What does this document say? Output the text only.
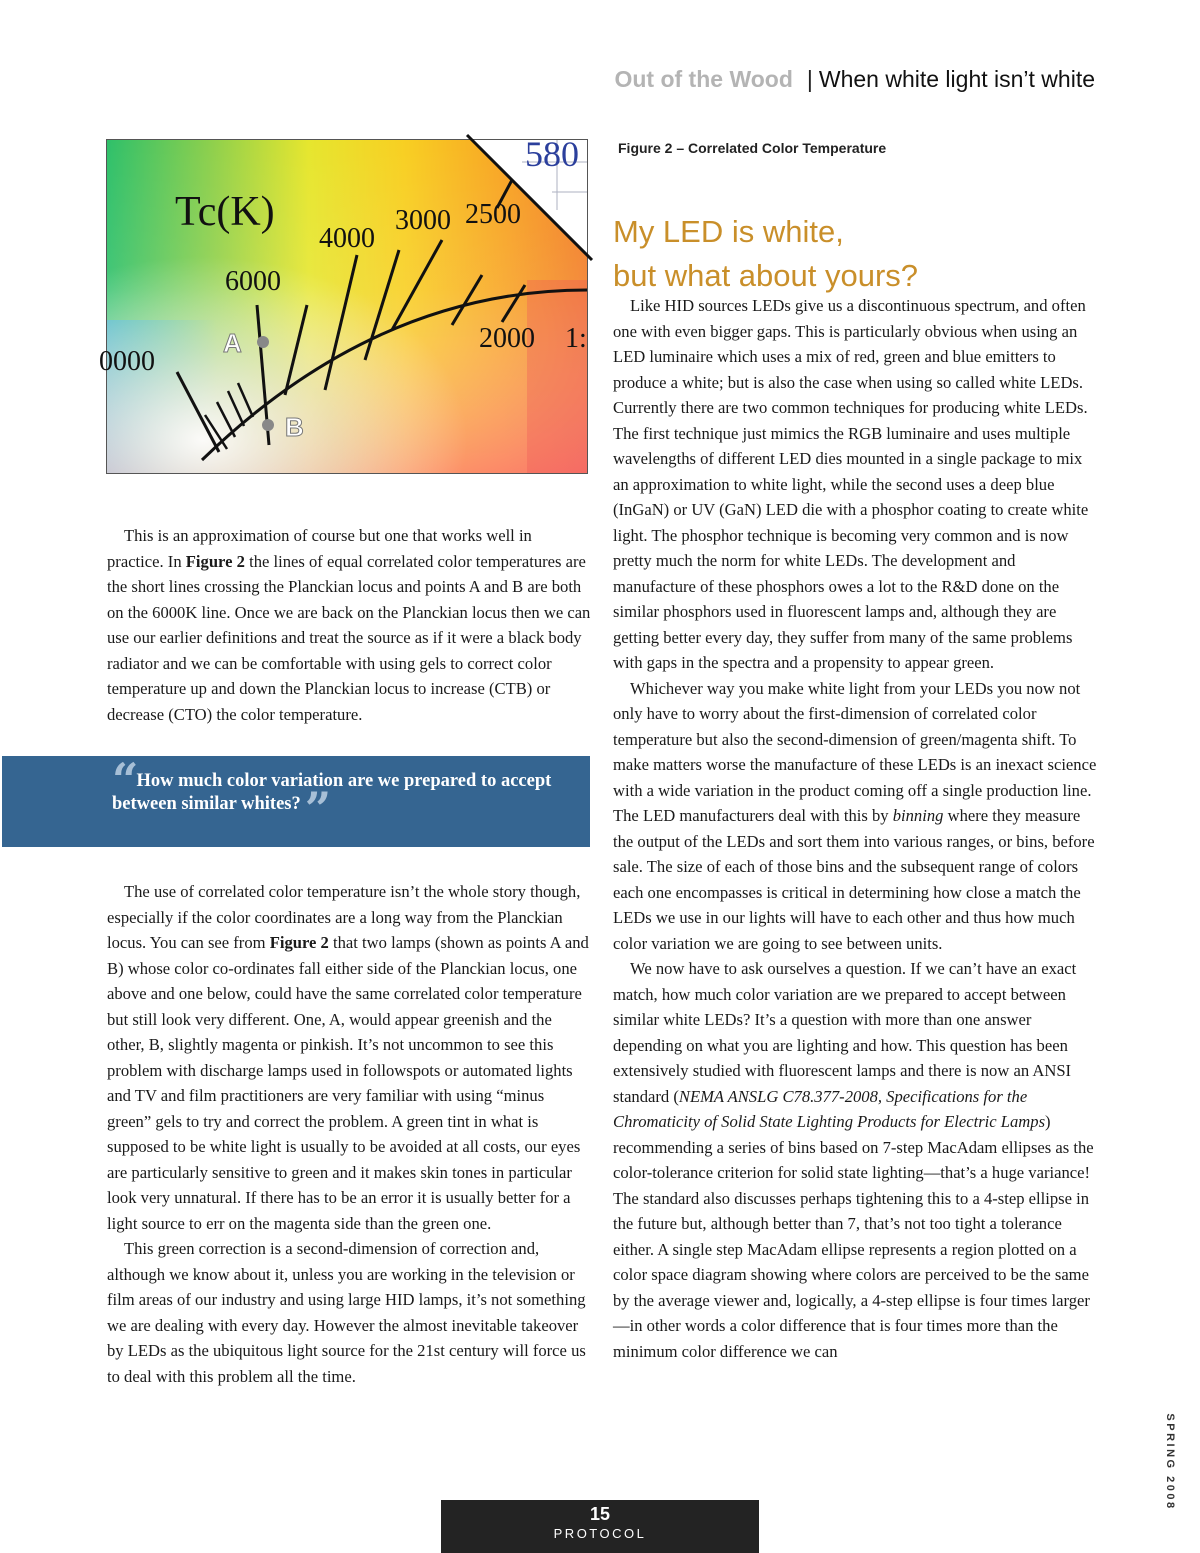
Out of the Wood | When white light isn’t white
Tc(K)
580
4000
3000 2500
6000
2000 1:
0000
A
B
Figure 2 – Correlated Color Temperature
My LED is white,
but what about yours?

This is an approximation of course but one that works well in practice. In Figure 2 the lines of equal correlated color temperatures are the short lines crossing the Planckian locus and points A and B are both on the 6000K line. Once we are back on the Planckian locus then we can use our earlier definitions and treat the source as if it were a black body radiator and we can be comfortable with using gels to correct color temperature up and down the Planckian locus to increase (CTB) or decrease (CTO) the color temperature.

“ How much color variation are we prepared to accept between similar whites?”

The use of correlated color temperature isn’t the whole story though, especially if the color coordinates are a long way from the Planckian locus. You can see from Figure 2 that two lamps (shown as points A and B) whose color co-ordinates fall either side of the Planckian locus, one above and one below, could have the same correlated color temperature but still look very different. One, A, would appear greenish and the other, B, slightly magenta or pinkish. It’s not uncommon to see this problem with discharge lamps used in followspots or automated lights and TV and film practitioners are very familiar with using “minus green” gels to try and correct the problem. A green tint in what is supposed to be white light is usually to be avoided at all costs, our eyes are particularly sensitive to green and it makes skin tones in particular look very unnatural. If there has to be an error it is usually better for a light source to err on the magenta side than the green one.

This green correction is a second-dimension of correction and, although we know about it, unless you are working in the television or film areas of our industry and using large HID lamps, it’s not something we are dealing with every day. However the almost inevitable takeover by LEDs as the ubiquitous light source for the 21st century will force us to deal with this problem all the time.

Like HID sources LEDs give us a discontinuous spectrum, and often one with even bigger gaps. This is particularly obvious when using an LED luminaire which uses a mix of red, green and blue emitters to produce a white; but is also the case when using so called white LEDs. Currently there are two common techniques for producing white LEDs. The first technique just mimics the RGB luminaire and uses multiple wavelengths of different LED dies mounted in a single package to mix an approximation to white light, while the second uses a deep blue (InGaN) or UV (GaN) LED die with a phosphor coating to create white light. The phosphor technique is becoming very common and is now pretty much the norm for white LEDs. The development and manufacture of these phosphors owes a lot to the R&D done on the similar phosphors used in fluorescent lamps and, although they are getting better every day, they suffer from many of the same problems with gaps in the spectra and a propensity to appear green.

Whichever way you make white light from your LEDs you now not only have to worry about the first-dimension of correlated color temperature but also the second-dimension of green/magenta shift. To make matters worse the manufacture of these LEDs is an inexact science with a wide variation in the product coming off a single production line. The LED manufacturers deal with this by binning where they measure the output of the LEDs and sort them into various ranges, or bins, before sale. The size of each of those bins and the subsequent range of colors each one encompasses is critical in determining how close a match the LEDs we use in our lights will have to each other and thus how much color variation we are going to see between units.

We now have to ask ourselves a question. If we can’t have an exact match, how much color variation are we prepared to accept between similar white LEDs? It’s a question with more than one answer depending on what you are lighting and how. This question has been extensively studied with fluorescent lamps and there is now an ANSI standard (NEMA ANSLG C78.377-2008, Specifications for the Chromaticity of Solid State Lighting Products for Electric Lamps) recommending a series of bins based on 7-step MacAdam ellipses as the color-tolerance criterion for solid state lighting—that’s a huge variance! The standard also discusses perhaps tightening this to a 4-step ellipse in the future but, although better than 7, that’s not too tight a tolerance either. A single step MacAdam ellipse represents a region plotted on a color space diagram showing where colors are perceived to be the same by the average viewer and, logically, a 4-step ellipse is four times larger—in other words a color difference that is four times more than the minimum color difference we can

15
PROTOCOL
SPRING 2008
